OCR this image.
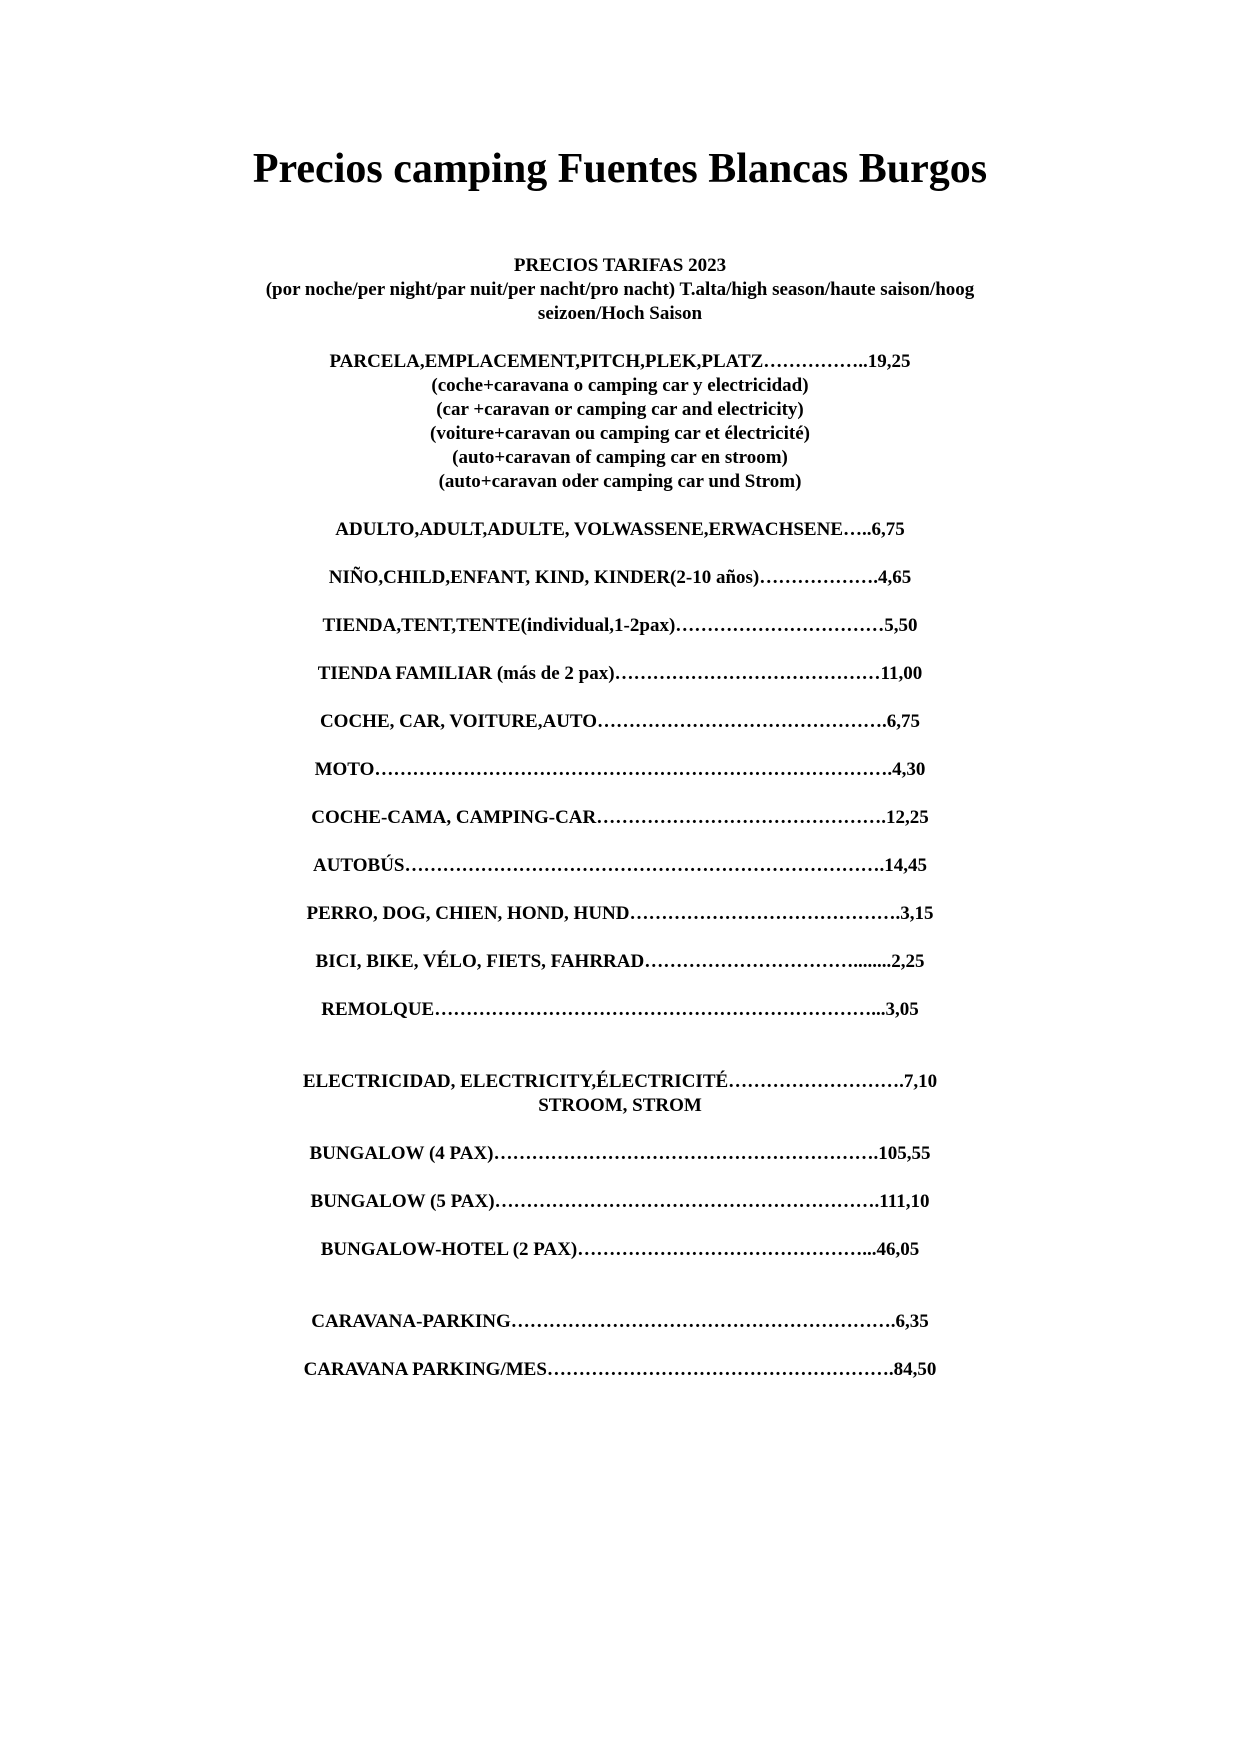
Precios camping Fuentes Blancas Burgos
PRECIOS TARIFAS 2023
(por noche/per night/par nuit/per nacht/pro nacht) T.alta/high season/haute saison/hoog
seizoen/Hoch Saison
PARCELA,EMPLACEMENT,PITCH,PLEK,PLATZ……………..19,25
(coche+caravana o camping car y electricidad)
(car +caravan or camping car and electricity)
(voiture+caravan ou camping car et électricité)
(auto+caravan of camping car en stroom)
(auto+caravan oder camping car und Strom)
ADULTO,ADULT,ADULTE, VOLWASSENE,ERWACHSENE…..6,75
NIÑO,CHILD,ENFANT, KIND, KINDER(2-10 años)……………….4,65
TIENDA,TENT,TENTE(individual,1-2pax)……………………………5,50
TIENDA FAMILIAR (más de 2 pax)……………………………………11,00
COCHE, CAR, VOITURE,AUTO……………………………………….6,75
MOTO……………………………………………………………………….4,30
COCHE-CAMA, CAMPING-CAR……………………………………….12,25
AUTOBÚS………………………………………………………………….14,45
PERRO, DOG, CHIEN, HOND, HUND…………………………………….3,15
BICI, BIKE, VÉLO, FIETS, FAHRRAD……………………………........2,25
REMOLQUE……………………………………………………………...3,05
ELECTRICIDAD, ELECTRICITY,ÉLECTRICITÉ……………………….7,10
STROOM, STROM
BUNGALOW (4 PAX)…………………………………………………….105,55
BUNGALOW (5 PAX)…………………………………………………….111,10
BUNGALOW-HOTEL (2 PAX)………………………………………...46,05
CARAVANA-PARKING…………………………………………………….6,35
CARAVANA PARKING/MES……………………………………………….84,50
